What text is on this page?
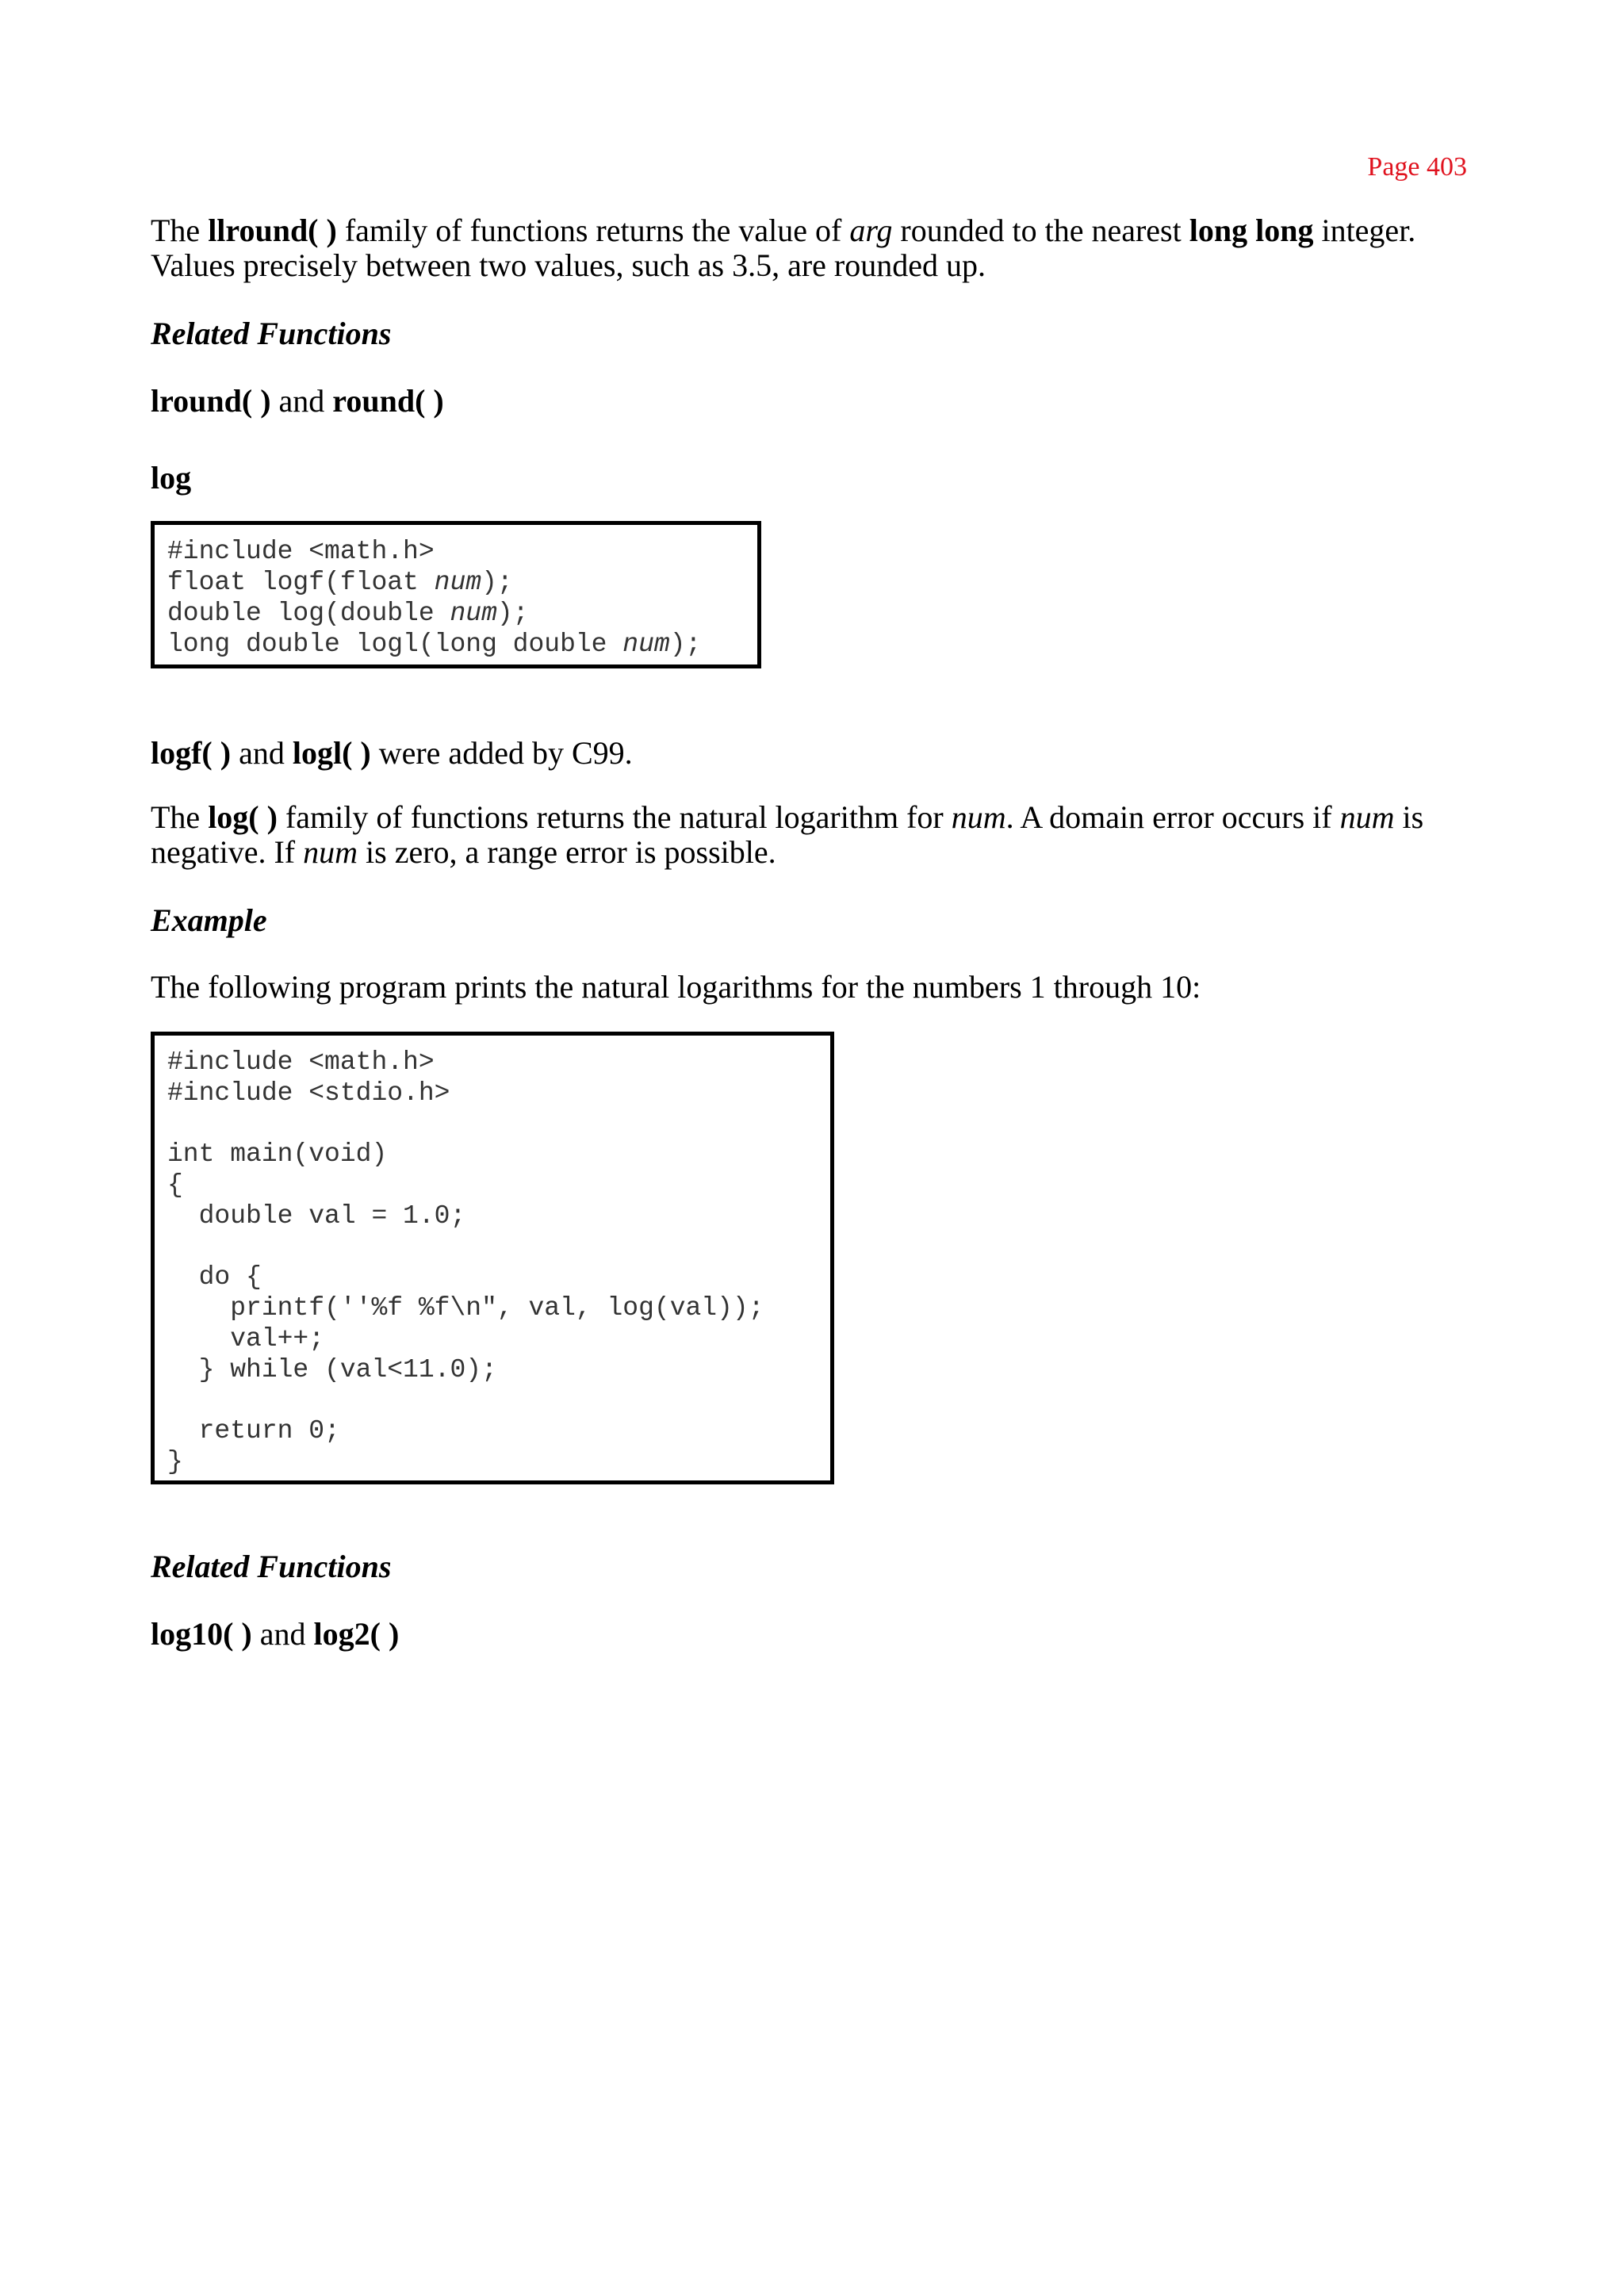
Page 403

The llround( ) family of functions returns the value of arg rounded to the nearest long long integer.

Values precisely between two values, such as 3.5, are rounded up.

Related Functions

lround( ) and round( )

log

#include <math.h>
float logf(float num);
double log(double num);
long double logl(long double num);

logf( ) and logl( ) were added by C99.

The log( ) family of functions returns the natural logarithm for num. A domain error occurs if num is

negative. If num is zero, a range error is possible.

Example

The following program prints the natural logarithms for the numbers 1 through 10:

#include <math.h>
#include <stdio.h>
int main(void)
{
double val = 1.0;
do {
printf(''%f %f\n", val, log(val));
val++;
} while (val<11.0);
return 0;
}

Related Functions

log10( ) and log2( )
